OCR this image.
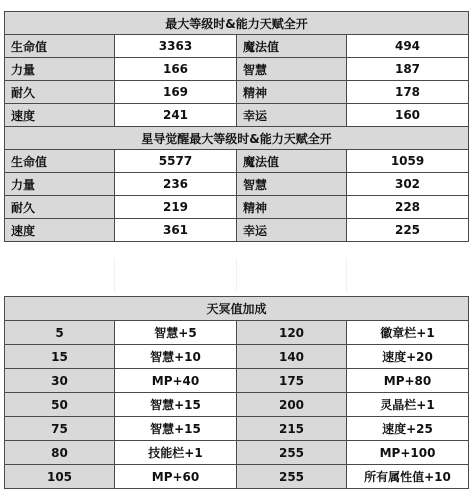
最大等级时&能力天赋全开			
生命值	3363	魔法值	494
力量	166	智慧	187
耐久	169	精神	178
速度	241	幸运	160
星导觉醒最大等级时&能力天赋全开			
生命值	5577	魔法值	1059
力量	236	智慧	302
耐久	219	精神	228
速度	361	幸运	225
天冥值加成			
5	智慧+5	120	徽章栏+1
15	智慧+10	140	速度+20
30	MP+40	175	MP+80
50	智慧+15	200	灵晶栏+1
75	智慧+15	215	速度+25
80	技能栏+1	255	MP+100
105	MP+60	255	所有属性值+10
